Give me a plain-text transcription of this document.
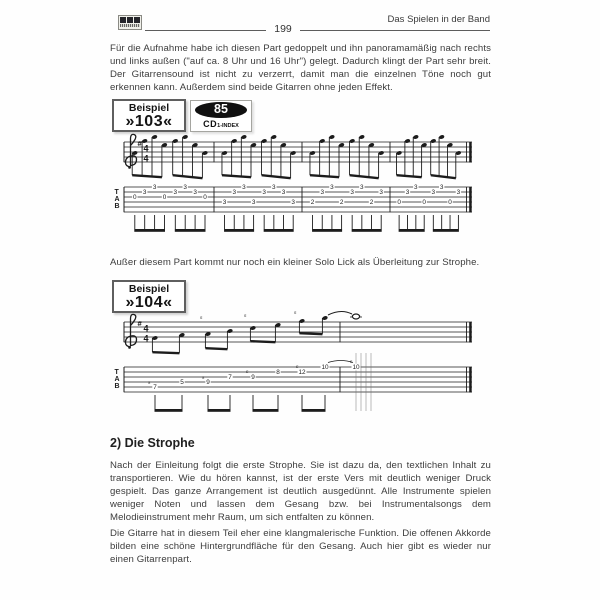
Das Spielen in der Band
199
Für die Aufnahme habe ich diesen Part gedoppelt und ihn panoramamäßig nach rechts und links außen ("auf ca. 8 Uhr und 16 Uhr") gelegt. Dadurch klingt der Part sehr breit. Der Gitarrensound ist nicht zu verzerrt, damit man die einzelnen Töne noch gut erkennen kann. Außerdem sind beide Gitarren ohne jeden Effekt.
Beispiel
»103«
85
CD1-INDEX
# 4
4
T
A
B
0
3
3
0
3
3
3
0
3
3
3
3
3
3
3
3 2
3
3
2
3
3
2
3
0
3
3
0
3
3
0
3
Außer diesem Part kommt nur noch ein kleiner Solo Lick als Überleitung zur Strophe.
Beispiel
»104«
# 4
4
T
A
B	7
5	9
7	9
8	12
10	10
s
s
s
s
s
s	s
s
2) Die Strophe
Nach der Einleitung folgt die erste Strophe. Sie ist dazu da, den textlichen Inhalt zu transportieren. Wie du hören kannst, ist der erste Vers mit deutlich weniger Druck gespielt. Das ganze Arrangement ist deutlich ausgedünnt. Alle Instrumente spielen weniger Noten und lassen dem Gesang bzw. bei Instrumentalsongs dem Melodieinstrument mehr Raum, um sich entfalten zu können.
Die Gitarre hat in diesem Teil eher eine klangmalerische Funktion. Die offenen Akkorde bilden eine schöne Hintergrundfläche für den Gesang. Auch hier gibt es wieder nur einen Gitarrenpart.
